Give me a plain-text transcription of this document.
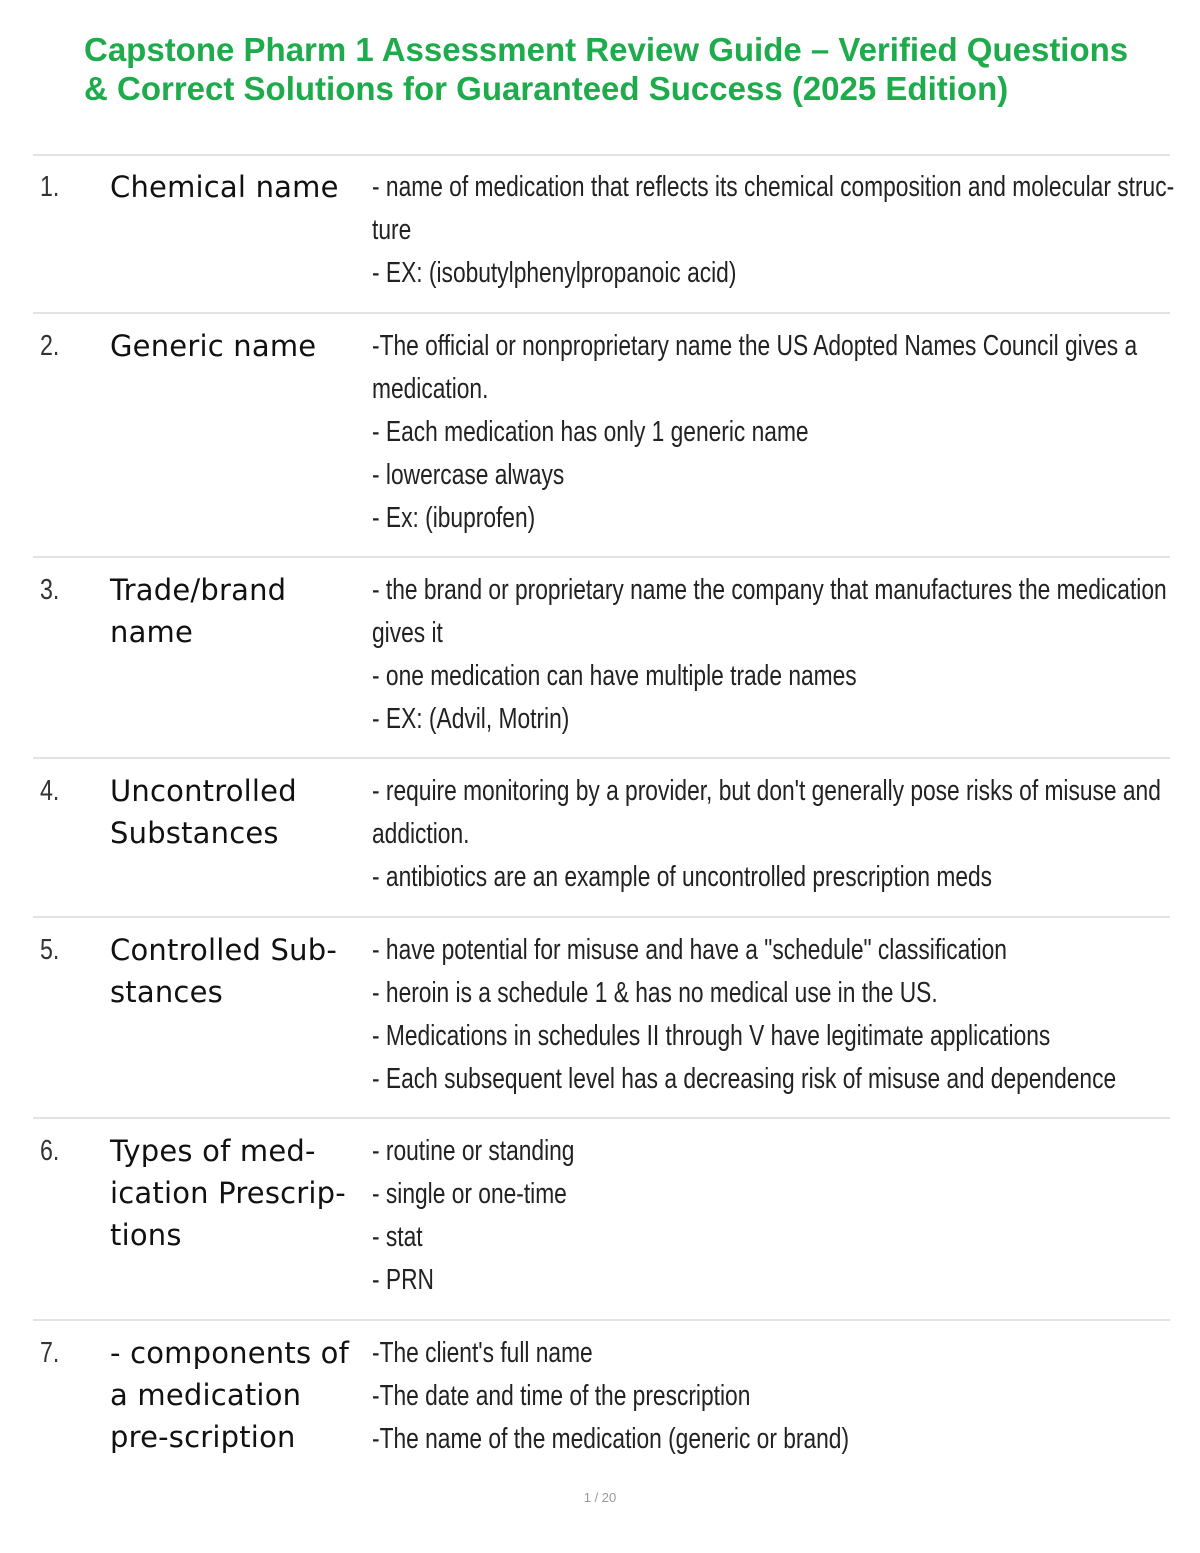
Capstone Pharm 1 Assessment Review Guide – Verified Questions & Correct Solutions for Guaranteed Success (2025 Edition)
1. Chemical name	- name of medication that reflects its chemical composition and molecular struc-
ture
- EX: (isobutylphenylpropanoic acid)
2. Generic name	-The official or nonproprietary name the US Adopted Names Council gives a
medication.
- Each medication has only 1 generic name
- lowercase always
- Ex: (ibuprofen)
3. Trade/brand name
- the brand or proprietary name the company that manufactures the medication
gives it
- one medication can have multiple trade names
- EX: (Advil, Motrin)
4. Uncontrolled Substances
- require monitoring by a provider, but don't generally pose risks of misuse and
addiction.
- antibiotics are an example of uncontrolled prescription meds
5. Controlled Sub-stances
- have potential for misuse and have a "schedule" classification
- heroin is a schedule 1 & has no medical use in the US.
- Medications in schedules II through V have legitimate applications
- Each subsequent level has a decreasing risk of misuse and dependence
6. Types of med-ication Prescrip-tions
- routine or standing
- single or one-time
- stat
- PRN
7. - components of a medication pre-scription
-The client's full name
-The date and time of the prescription
-The name of the medication (generic or brand)
1 / 20
